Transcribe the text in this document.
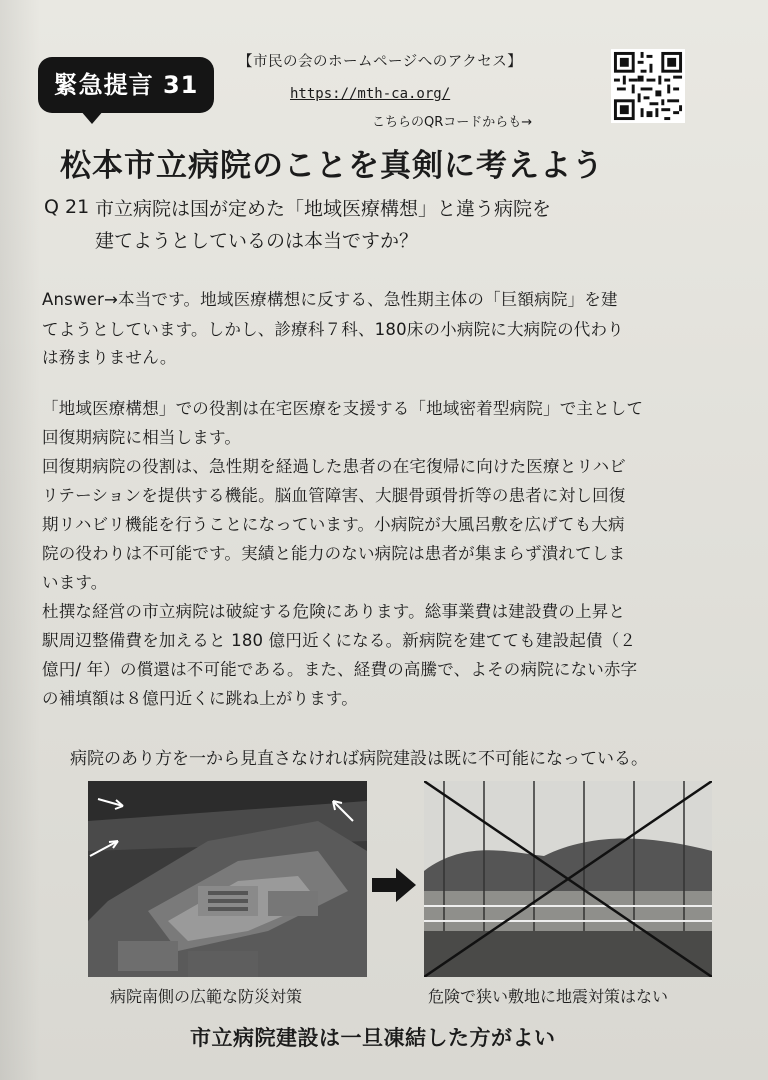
緊急提言 31
【市民の会のホームページへのアクセス】
https://mth-ca.org/
こちらのQRコードからも→
松本市立病院のことを真剣に考えよう
Q 21 市立病院は国が定めた「地域医療構想」と違う病院を
建てようとしているのは本当ですか？
Answer→本当です。地域医療構想に反する、急性期主体の「巨額病院」を建
てようとしています。しかし、診療科７科、180床の小病院に大病院の代わり
は務まりません。
「地域医療構想」での役割は在宅医療を支援する「地域密着型病院」で主として
回復期病院に相当します。
回復期病院の役割は、急性期を経過した患者の在宅復帰に向けた医療とリハビ
リテーションを提供する機能。脳血管障害、大腿骨頭骨折等の患者に対し回復
期リハビリ機能を行うことになっています。小病院が大風呂敷を広げても大病
院の役わりは不可能です。実績と能力のない病院は患者が集まらず潰れてしま
います。
杜撰な経営の市立病院は破綻する危険にあります。総事業費は建設費の上昇と
駅周辺整備費を加えると 180 億円近くになる。新病院を建てても建設起債（２
億円/ 年）の償還は不可能である。また、経費の高騰で、よその病院にない赤字
の補填額は８億円近くに跳ね上がります。
病院のあり方を一から見直さなければ病院建設は既に不可能になっている。
病院南側の広範な防災対策	危険で狭い敷地に地震対策はない
市立病院建設は一旦凍結した方がよい
